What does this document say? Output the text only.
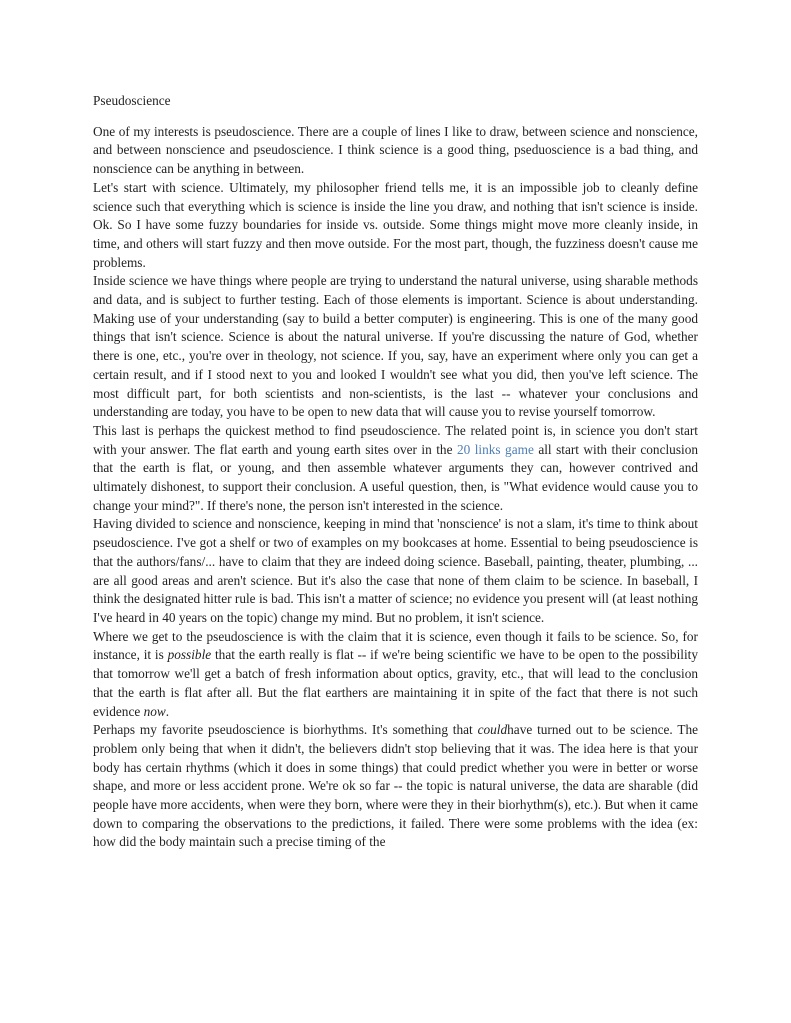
Pseudoscience

One of my interests is pseudoscience. There are a couple of lines I like to draw, between science and nonscience, and between nonscience and pseudoscience. I think science is a good thing, pseduoscience is a bad thing, and nonscience can be anything in between.

Let's start with science. Ultimately, my philosopher friend tells me, it is an impossible job to cleanly define science such that everything which is science is inside the line you draw, and nothing that isn't science is inside. Ok. So I have some fuzzy boundaries for inside vs. outside. Some things might move more cleanly inside, in time, and others will start fuzzy and then move outside. For the most part, though, the fuzziness doesn't cause me problems.

Inside science we have things where people are trying to understand the natural universe, using sharable methods and data, and is subject to further testing. Each of those elements is important. Science is about understanding. Making use of your understanding (say to build a better computer) is engineering. This is one of the many good things that isn't science. Science is about the natural universe. If you're discussing the nature of God, whether there is one, etc., you're over in theology, not science. If you, say, have an experiment where only you can get a certain result, and if I stood next to you and looked I wouldn't see what you did, then you've left science. The most difficult part, for both scientists and non-scientists, is the last -- whatever your conclusions and understanding are today, you have to be open to new data that will cause you to revise yourself tomorrow.

This last is perhaps the quickest method to find pseudoscience. The related point is, in science you don't start with your answer. The flat earth and young earth sites over in the 20 links game all start with their conclusion that the earth is flat, or young, and then assemble whatever arguments they can, however contrived and ultimately dishonest, to support their conclusion. A useful question, then, is "What evidence would cause you to change your mind?". If there's none, the person isn't interested in the science.

Having divided to science and nonscience, keeping in mind that 'nonscience' is not a slam, it's time to think about pseudoscience. I've got a shelf or two of examples on my bookcases at home. Essential to being pseudoscience is that the authors/fans/... have to claim that they are indeed doing science. Baseball, painting, theater, plumbing, ... are all good areas and aren't science. But it's also the case that none of them claim to be science. In baseball, I think the designated hitter rule is bad. This isn't a matter of science; no evidence you present will (at least nothing I've heard in 40 years on the topic) change my mind. But no problem, it isn't science.

Where we get to the pseudoscience is with the claim that it is science, even though it fails to be science. So, for instance, it is possible that the earth really is flat -- if we're being scientific we have to be open to the possibility that tomorrow we'll get a batch of fresh information about optics, gravity, etc., that will lead to the conclusion that the earth is flat after all. But the flat earthers are maintaining it in spite of the fact that there is not such evidence now.

Perhaps my favorite pseudoscience is biorhythms. It's something that couldhave turned out to be science. The problem only being that when it didn't, the believers didn't stop believing that it was. The idea here is that your body has certain rhythms (which it does in some things) that could predict whether you were in better or worse shape, and more or less accident prone. We're ok so far -- the topic is natural universe, the data are sharable (did people have more accidents, when were they born, where were they in their biorhythm(s), etc.). But when it came down to comparing the observations to the predictions, it failed. There were some problems with the idea (ex: how did the body maintain such a precise timing of the
